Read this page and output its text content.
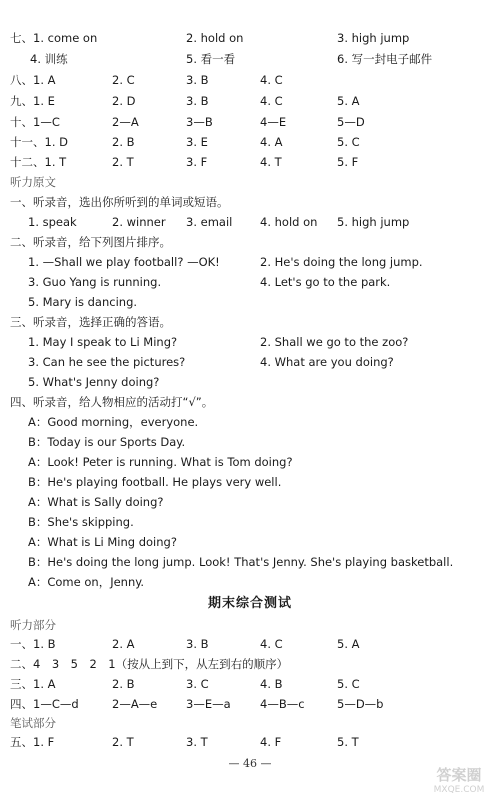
七、1. come on	2. hold on	3. high jump
4. 训练	5. 看一看	6. 写一封电子邮件
八、1. A	2. C	3. B	4. C
九、1. E	2. D	3. B	4. C	5. A
十、1—C	2—A	3—B	4—E	5—D
十一、1. D	2. B	3. E	4. A	5. C
十二、1. T	2. T	3. F	4. T	5. F
听力原文
一、听录音，选出你所听到的单词或短语。
1. speak	2. winner 3. email 4. hold on 5. high jump
二、听录音，给下列图片排序。
1. —Shall we play football? —OK!	2. He's doing the long jump.
3. Guo Yang is running.	4. Let's go to the park.
5. Mary is dancing.
三、听录音，选择正确的答语。
1. May I speak to Li Ming?	2. Shall we go to the zoo?
3. Can he see the pictures?	4. What are you doing?
5. What's Jenny doing?
四、听录音，给人物相应的活动打“√”。
A：Good morning，everyone.
B：Today is our Sports Day.
A：Look! Peter is running. What is Tom doing?
B：He's playing football. He plays very well.
A：What is Sally doing?
B：She's skipping.
A：What is Li Ming doing?
B：He's doing the long jump. Look! That's Jenny. She's playing basketball.
A：Come on，Jenny.
期末综合测试
听力部分
一、1. B	2. A	3. B	4. C	5. A
二、4　3　5　2　1（按从上到下，从左到右的顺序）
三、1. A	2. B	3. C	4. B	5. C
四、1—C—d	2—A—e 3—E—a	4—B—c	5—D—b
笔试部分
五、1. F	2. T	3. T	4. F	5. T
— 46 —
答案圈
MXQE.COM
